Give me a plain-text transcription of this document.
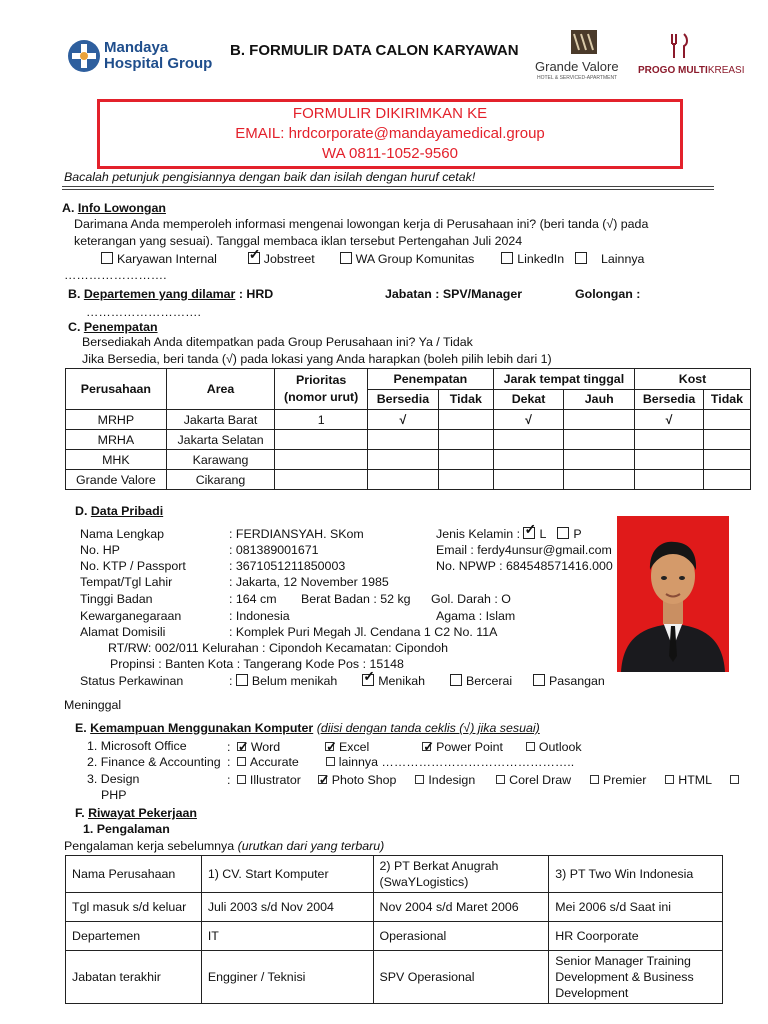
Mandaya
Hospital Group
B. FORMULIR DATA CALON KARYAWAN
Grande Valore
HOTEL & SERVICED-APARTMENT
PROGO MULTIKREASI
FORMULIR DIKIRIMKAN KE
EMAIL: hrdcorporate@mandayamedical.group
WA 0811-1052-9560
Bacalah petunjuk pengisiannya dengan baik dan isilah dengan huruf cetak!
A. Info Lowongan
Darimana Anda memperoleh informasi mengenai lowongan kerja di Perusahaan ini? (beri tanda (√) pada
keterangan yang sesuai). Tanggal membaca iklan tersebut Pertengahan Juli 2024
Karyawan Internal ✓	Jobstreet	WA Group Komunitas	LinkedIn	Lainnya
…………………….
B. Departemen yang dilamar : HRD	Jabatan : SPV/Manager	Golongan :
……………………….
C. Penempatan
Bersediakah Anda ditempatkan pada Group Perusahaan ini? Ya / Tidak
Jika Bersedia, beri tanda (√) pada lokasi yang Anda harapkan (boleh pilih lebih dari 1)
Perusahaan	Area	Prioritas
(nomor urut)	Penempatan		Jarak tempat tinggal		Kost	
			Bersedia	Tidak	Dekat	Jauh	Bersedia	Tidak
MRHP	Jakarta Barat	1	√		√		√	
MRHA	Jakarta Selatan							
MHK	Karawang							
Grande Valore	Cikarang							
D. Data Pribadi
Nama Lengkap	: FERDIANSYAH. SKom	Jenis Kelamin : ✓ L P
No. HP	: 081389001671	Email : ferdy4unsur@gmail.com
No. KTP / Passport	: 3671051211850003	No. NPWP : 684548571416.000
Tempat/Tgl Lahir	: Jakarta, 12 November 1985
Tinggi Badan	: 164 cm Berat Badan : 52 kg Gol. Darah : O
Kewarganegaraan	: Indonesia	Agama : Islam
Alamat Domisili	: Komplek Puri Megah Jl. Cendana 1 C2 No. 11A
RT/RW: 002/011 Kelurahan : Cipondoh Kecamatan: Cipondoh
Propinsi : Banten Kota : Tangerang Kode Pos : 15148
Status Perkawinan	: Belum menikah ✓	Menikah	Bercerai	Pasangan
Meninggal
E. Kemampuan Menggunakan Komputer (diisi dengan tanda ceklis (√) jika sesuai)
1. Microsoft Office	: ✓ Word	✓ Excel	✓ Power Point	Outlook
2. Finance & Accounting : Accurate	lainnya ………………………………………..
3. Design	: Illustrator ✓ Photo Shop	Indesign	Corel Draw	Premier	HTML
PHP
F. Riwayat Pekerjaan
1. Pengalaman
Pengalaman kerja sebelumnya (urutkan dari yang terbaru)
Nama Perusahaan	1) CV. Start Komputer	2) PT Berkat Anugrah (SwaYLogistics)	3) PT Two Win Indonesia
Tgl masuk s/d keluar	Juli 2003 s/d Nov 2004	Nov 2004 s/d Maret 2006	Mei 2006 s/d Saat ini
Departemen	IT	Operasional	HR Coorporate
Jabatan terakhir	Engginer / Teknisi	SPV Operasional	Senior Manager Training Development & Business Development
